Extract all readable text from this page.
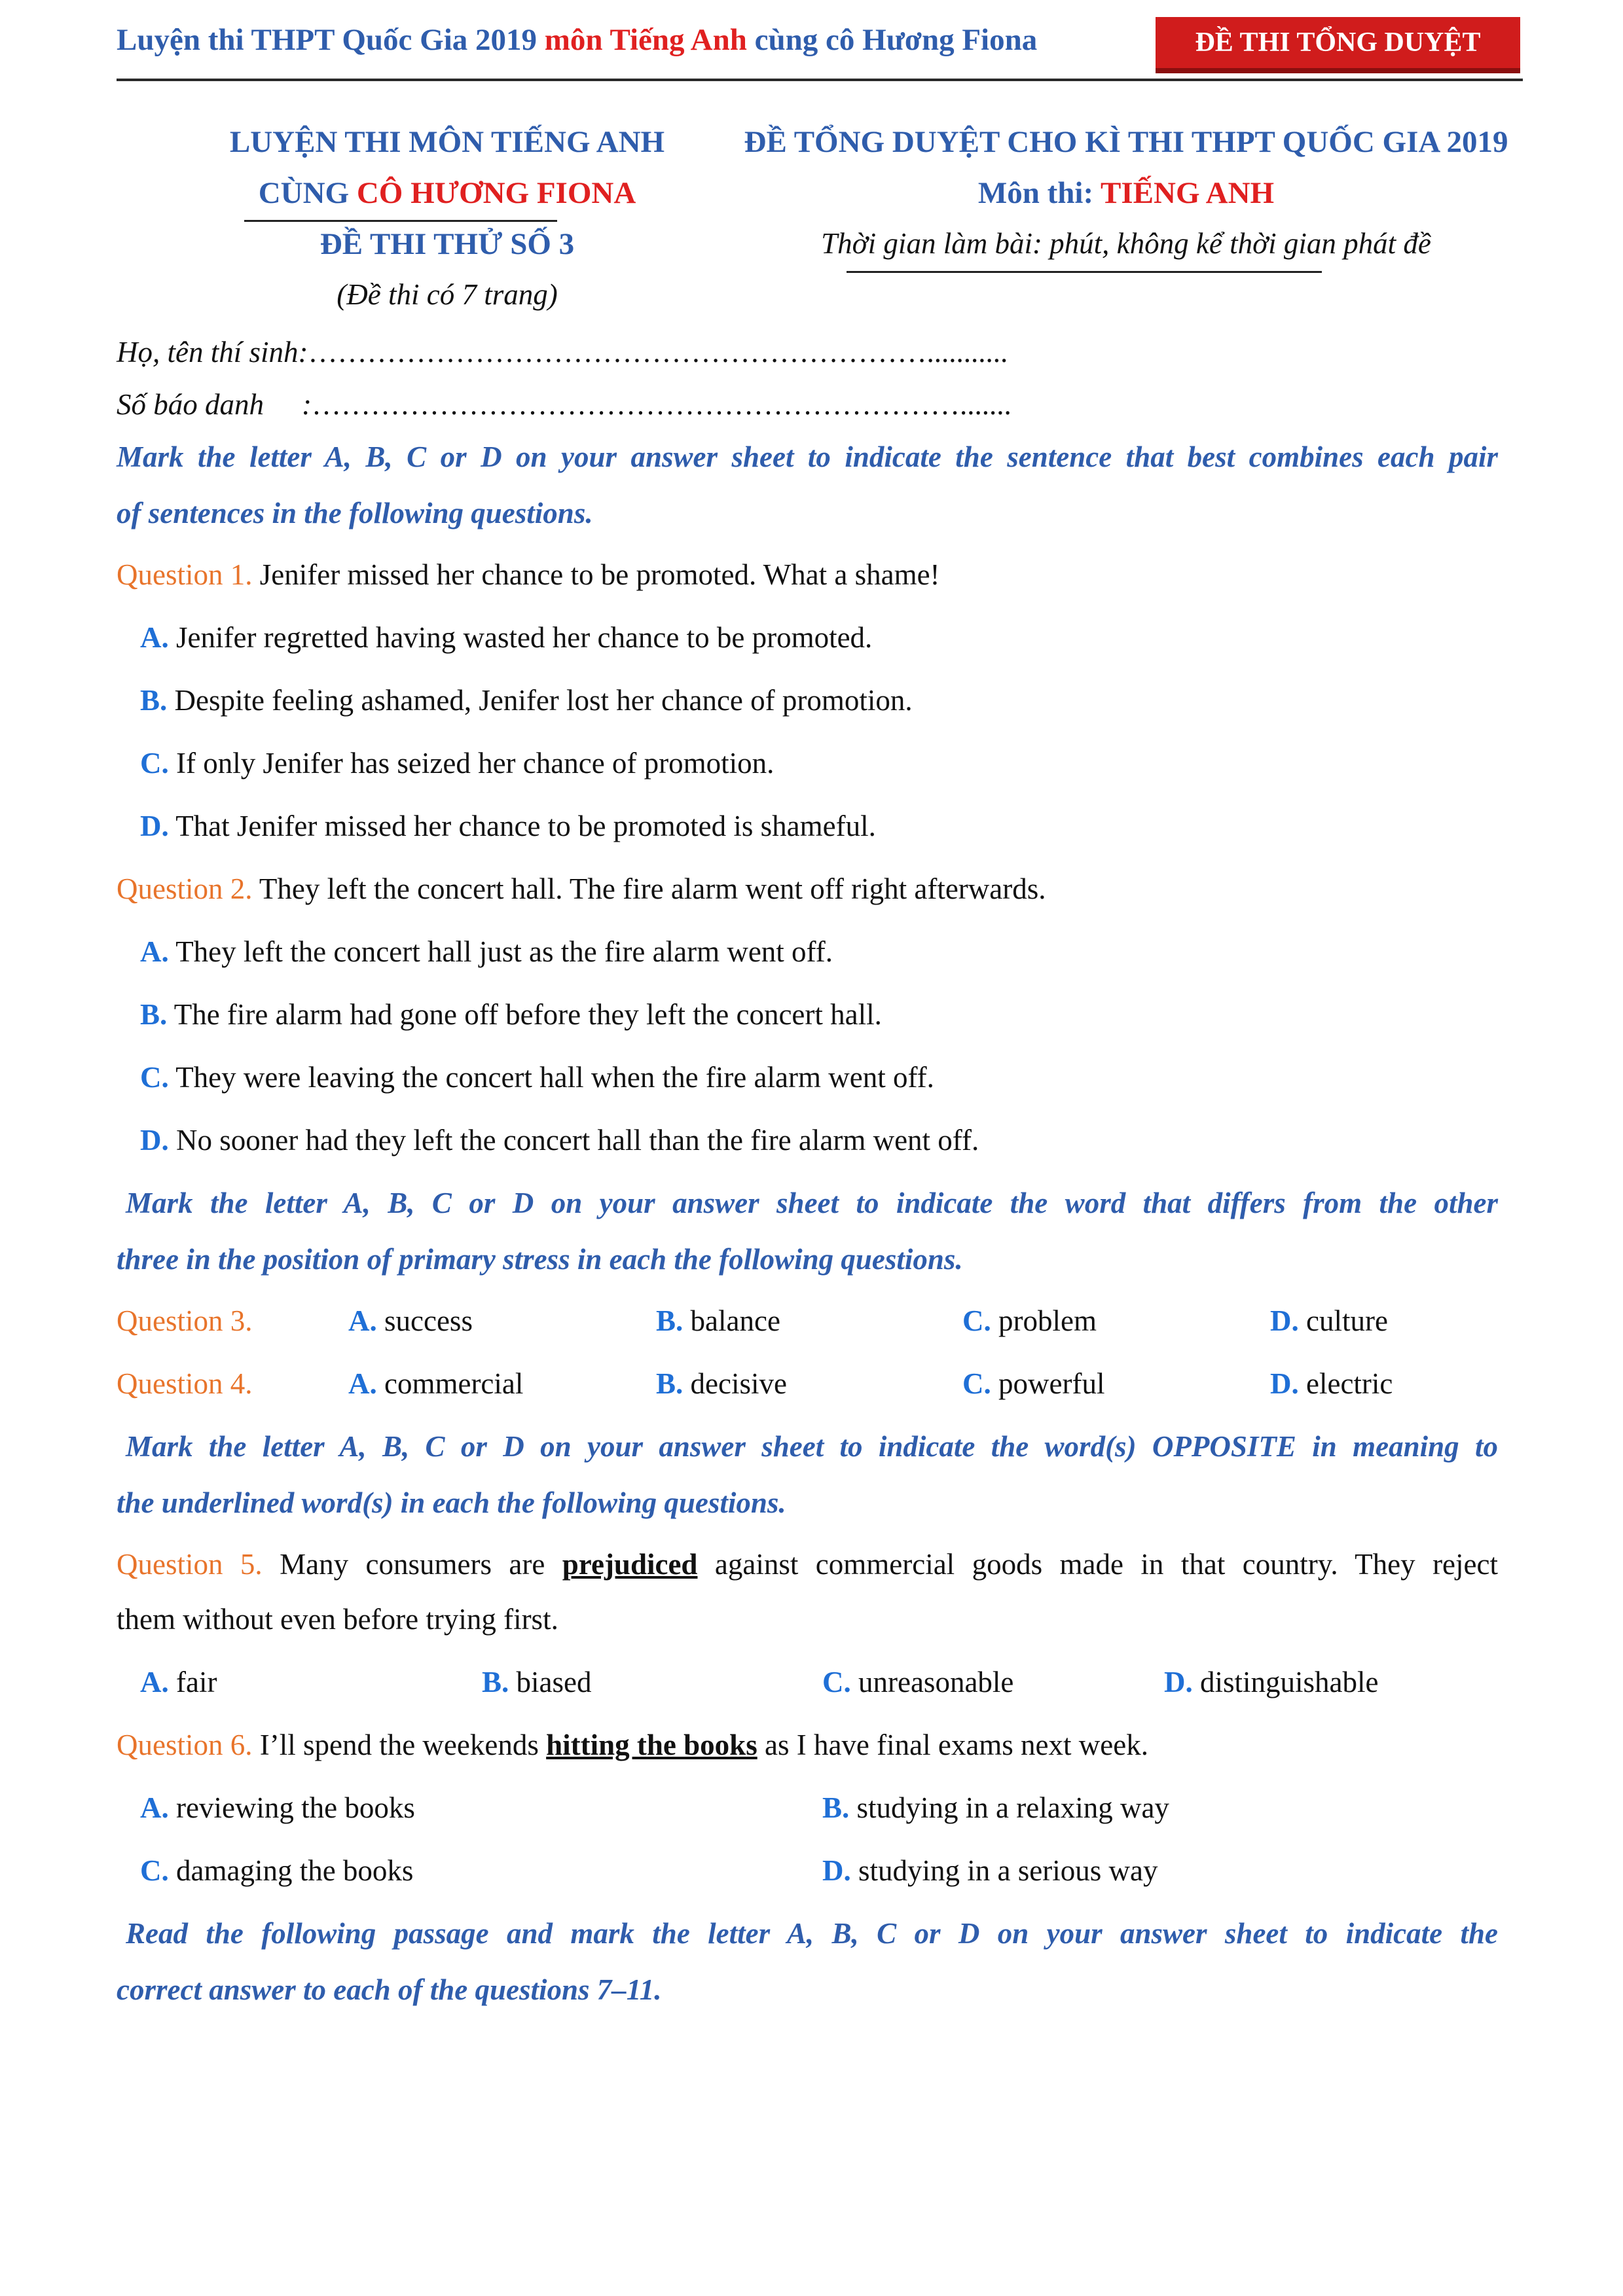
Luyện thi THPT Quốc Gia 2019 môn Tiếng Anh cùng cô Hương Fiona	ĐỀ THI TỔNG DUYỆT
LUYỆN THI MÔN TIẾNG ANH
CÙNG CÔ HƯƠNG FIONA
ĐỀ THI THỬ SỐ 3
(Đề thi có 7 trang)
ĐỀ TỔNG DUYỆT CHO KÌ THI THPT QUỐC GIA 2019
Môn thi: TIẾNG ANH
Thời gian làm bài: phút, không kể thời gian phát đề
Họ, tên thí sinh:………………………………………………………...........
Số báo danh :………………………………………………………….......
Mark the letter A, B, C or D on your answer sheet to indicate the sentence that best combines each pair
of sentences in the following questions.
Question 1. Jenifer missed her chance to be promoted. What a shame!
A. Jenifer regretted having wasted her chance to be promoted.
B. Despite feeling ashamed, Jenifer lost her chance of promotion.
C. If only Jenifer has seized her chance of promotion.
D. That Jenifer missed her chance to be promoted is shameful.
Question 2. They left the concert hall. The fire alarm went off right afterwards.
A. They left the concert hall just as the fire alarm went off.
B. The fire alarm had gone off before they left the concert hall.
C. They were leaving the concert hall when the fire alarm went off.
D. No sooner had they left the concert hall than the fire alarm went off.
Mark the letter A, B, C or D on your answer sheet to indicate the word that differs from the other
three in the position of primary stress in each the following questions.
Question 3.	A. success	B. balance	C. problem	D. culture
Question 4.	A. commercial	B. decisive	C. powerful	D. electric
Mark the letter A, B, C or D on your answer sheet to indicate the word(s) OPPOSITE in meaning to
the underlined word(s) in each the following questions.
Question 5. Many consumers are prejudiced against commercial goods made in that country. They reject
them without even before trying first.
A. fair	B. biased	C. unreasonable	D. distinguishable
Question 6. I’ll spend the weekends hitting the books as I have final exams next week.
A. reviewing the books	B. studying in a relaxing way
C. damaging the books	D. studying in a serious way
Read the following passage and mark the letter A, B, C or D on your answer sheet to indicate the
correct answer to each of the questions 7–11.
